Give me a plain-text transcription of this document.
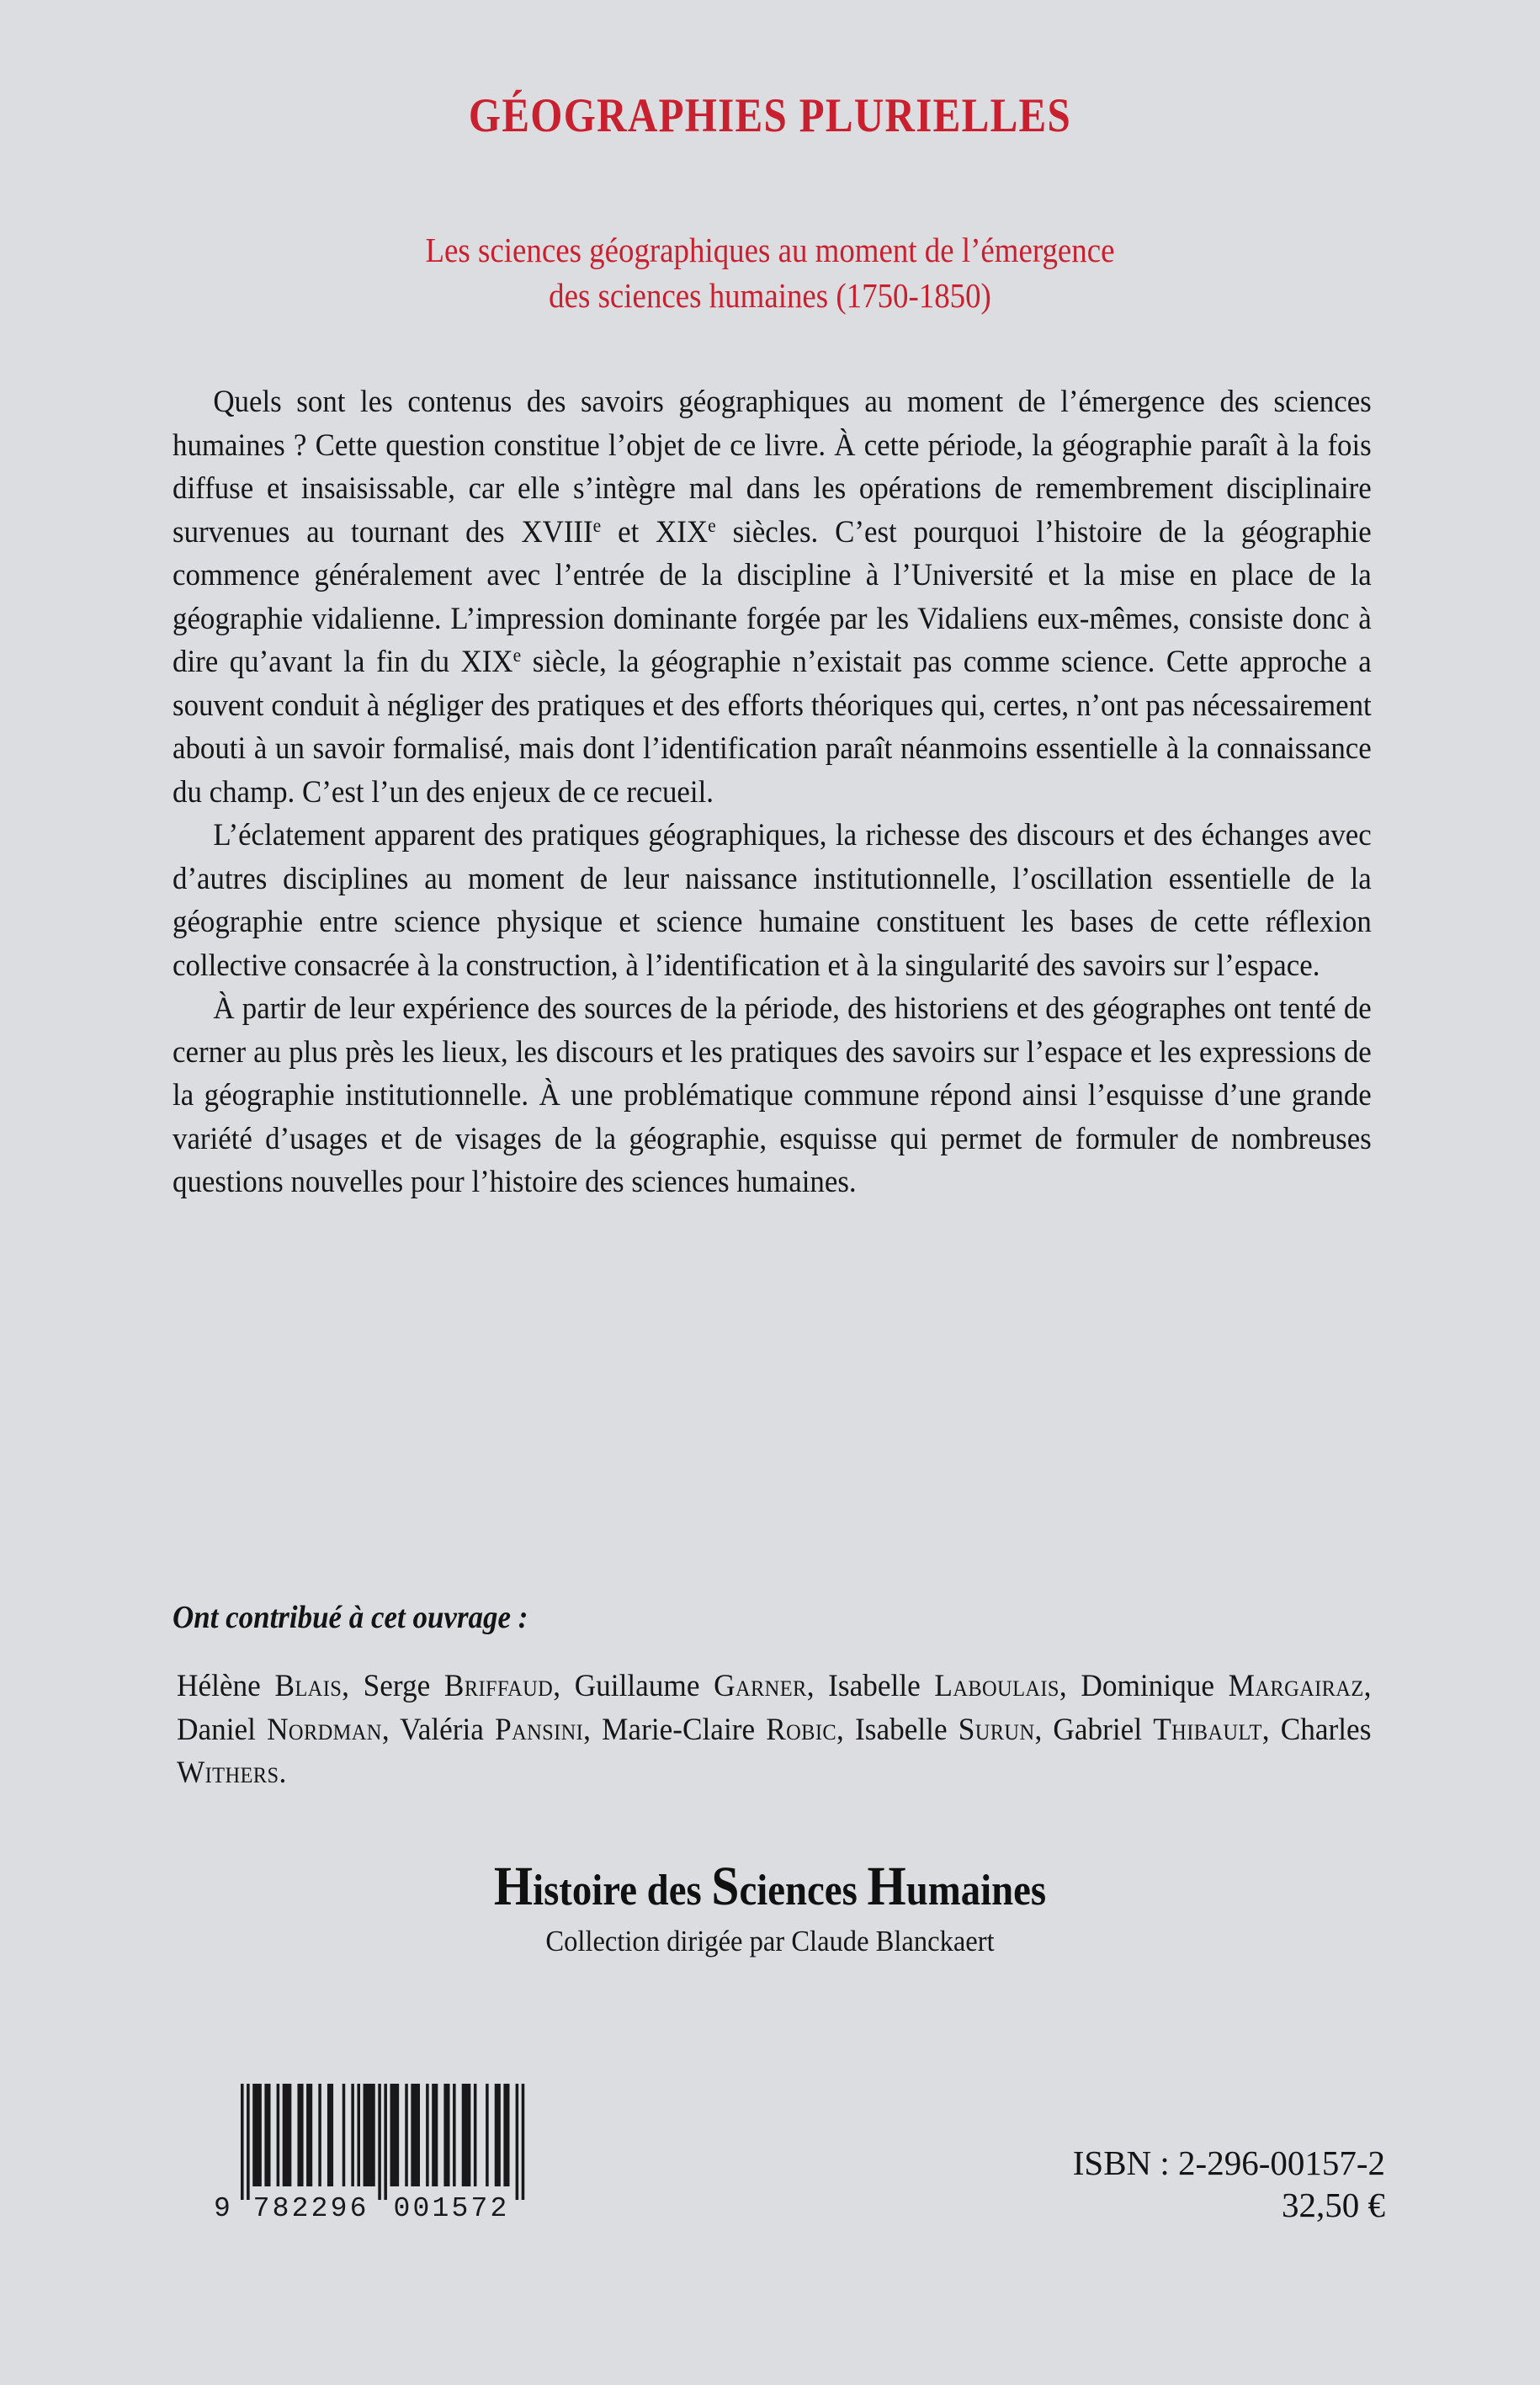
GÉOGRAPHIES PLURIELLES
Les sciences géographiques au moment de l’émergence
des sciences humaines (1750-1850)

Quels sont les contenus des savoirs géographiques au moment de l’émergence des sciences humaines ? Cette question constitue l’objet de ce livre. À cette période, la géographie paraît à la fois diffuse et insaisissable, car elle s’intègre mal dans les opérations de remembrement disciplinaire survenues au tournant des XVIIIe et XIXe siècles. C’est pourquoi l’histoire de la géographie commence généralement avec l’entrée de la discipline à l’Université et la mise en place de la géographie vidalienne. L’impression dominante forgée par les Vidaliens eux-mêmes, consiste donc à dire qu’avant la fin du XIXe siècle, la géographie n’existait pas comme science. Cette approche a souvent conduit à négliger des pratiques et des efforts théoriques qui, certes, n’ont pas nécessairement abouti à un savoir formalisé, mais dont l’identification paraît néanmoins essentielle à la connaissance du champ. C’est l’un des enjeux de ce recueil.

L’éclatement apparent des pratiques géographiques, la richesse des discours et des échanges avec d’autres disciplines au moment de leur naissance institutionnelle, l’oscillation essentielle de la géographie entre science physique et science humaine constituent les bases de cette réflexion collective consacrée à la construction, à l’identification et à la singularité des savoirs sur l’espace.

À partir de leur expérience des sources de la période, des historiens et des géographes ont tenté de cerner au plus près les lieux, les discours et les pratiques des savoirs sur l’espace et les expressions de la géographie institutionnelle. À une problématique commune répond ainsi l’esquisse d’une grande variété d’usages et de visages de la géographie, esquisse qui permet de formuler de nombreuses questions nouvelles pour l’histoire des sciences humaines.

Ont contribué à cet ouvrage :
Hélène Blais, Serge Briffaud, Guillaume Garner, Isabelle Laboulais, Dominique Margairaz, Daniel Nordman, Valéria Pansini, Marie-Claire Robic, Isabelle Surun, Gabriel Thibault, Charles Withers.
Histoire des Sciences Humaines
Collection dirigée par Claude Blanckaert
9 782296 001572
ISBN : 2-296-00157-2
32,50 €
